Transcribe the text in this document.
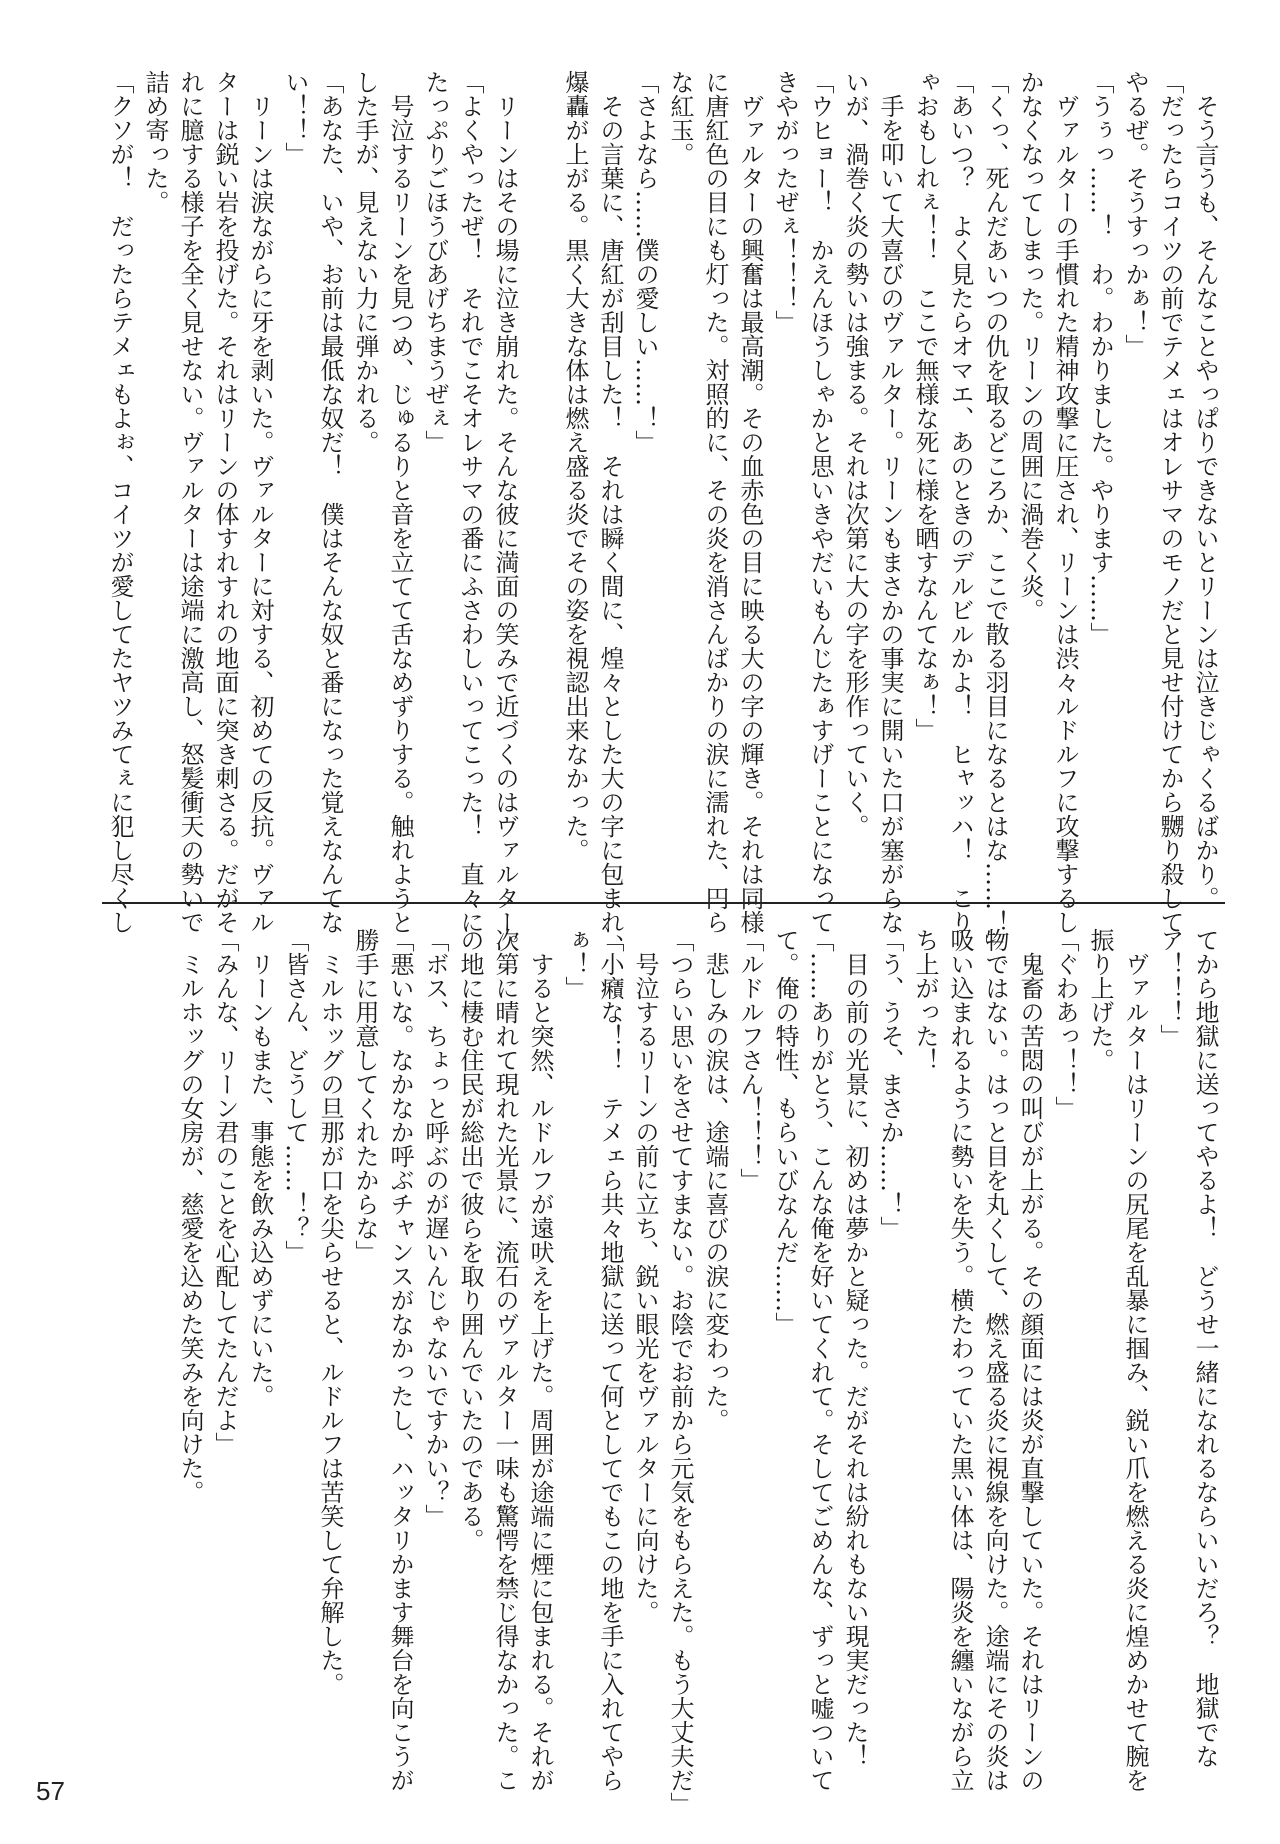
　そう言うも、そんなことやっぱりできないとリーンは泣きじゃくるばかり。
「だったらコイツの前でテメェはオレサマのモノだと見せ付けてから嬲り殺して
やるぜ。そうすっかぁ！」
「うぅっ……！　わ。わかりました。やります……」
　ヴァルターの手慣れた精神攻撃に圧され、リーンは渋々ルドルフに攻撃するし
かなくなってしまった。リーンの周囲に渦巻く炎。
「くっ、死んだあいつの仇を取るどころか、ここで散る羽目になるとはな……！」
「あいつ？　よく見たらオマエ、あのときのデルビルかよ！　ヒャッハ！　こり
ゃおもしれぇ！！　ここで無様な死に様を晒すなんてなぁ！」
　手を叩いて大喜びのヴァルター。リーンもまさかの事実に開いた口が塞がらな
いが、渦巻く炎の勢いは強まる。それは次第に大の字を形作っていく。
「ウヒョー！　かえんほうしゃかと思いきやだいもんじたぁすげーことになって
きやがったぜぇ！！！」
　ヴァルターの興奮は最高潮。その血赤色の目に映る大の字の輝き。それは同様
に唐紅色の目にも灯った。対照的に、その炎を消さんばかりの涙に濡れた、円ら
な紅玉。
「さよなら……僕の愛しい……！」
　その言葉に、唐紅が刮目した！　それは瞬く間に、煌々とした大の字に包まれ、
爆轟が上がる。黒く大きな体は燃え盛る炎でその姿を視認出来なかった。
　リーンはその場に泣き崩れた。そんな彼に満面の笑みで近づくのはヴァルター。
「よくやったぜ！　それでこそオレサマの番にふさわしいってこった！　直々に
たっぷりごほうびあげちまうぜぇ」
　号泣するリーンを見つめ、じゅるりと音を立てて舌なめずりする。触れようと
した手が、見えない力に弾かれる。
「あなた、いや、お前は最低な奴だ！　僕はそんな奴と番になった覚えなんてな
い！！」
　リーンは涙ながらに牙を剥いた。ヴァルターに対する、初めての反抗。ヴァル
ターは鋭い岩を投げた。それはリーンの体すれすれの地面に突き刺さる。だがそ
れに臆する様子を全く見せない。ヴァルターは途端に激高し、怒髪衝天の勢いで
詰め寄った。
「クソが！　だったらテメェもよぉ、コイツが愛してたヤツみてぇに犯し尽くし
てから地獄に送ってやるよ！　どうせ一緒になれるならいいだろ？　地獄でな
ア！！！」
　ヴァルターはリーンの尻尾を乱暴に掴み、鋭い爪を燃える炎に煌めかせて腕を
振り上げた。
「ぐわあっ！！」
　鬼畜の苦悶の叫びが上がる。その顔面には炎が直撃していた。それはリーンの
物ではない。はっと目を丸くして、燃え盛る炎に視線を向けた。途端にその炎は
吸い込まれるように勢いを失う。横たわっていた黒い体は、陽炎を纏いながら立
ち上がった！
「う、うそ、まさか……！」
　目の前の光景に、初めは夢かと疑った。だがそれは紛れもない現実だった！
「……ありがとう、こんな俺を好いてくれて。そしてごめんな、ずっと嘘ついて
て。俺の特性、もらいびなんだ……」
「ルドルフさん！！！」
　悲しみの涙は、途端に喜びの涙に変わった。
「つらい思いをさせてすまない。お陰でお前から元気をもらえた。もう大丈夫だ」
　号泣するリーンの前に立ち、鋭い眼光をヴァルターに向けた。
「小癪な！！　テメェら共々地獄に送って何としてでもこの地を手に入れてやら
ぁ！」
　すると突然、ルドルフが遠吠えを上げた。周囲が途端に煙に包まれる。それが
次第に晴れて現れた光景に、流石のヴァルター一味も驚愕を禁じ得なかった。こ
の地に棲む住民が総出で彼らを取り囲んでいたのである。
「ボス、ちょっと呼ぶのが遅いんじゃないですかい？」
「悪いな。なかなか呼ぶチャンスがなかったし、ハッタリかます舞台を向こうが
勝手に用意してくれたからな」
　ミルホッグの旦那が口を尖らせると、ルドルフは苦笑して弁解した。
「皆さん、どうして……！？」
　リーンもまた、事態を飲み込めずにいた。
「みんな、リーン君のことを心配してたんだよ」
　ミルホッグの女房が、慈愛を込めた笑みを向けた。
57
